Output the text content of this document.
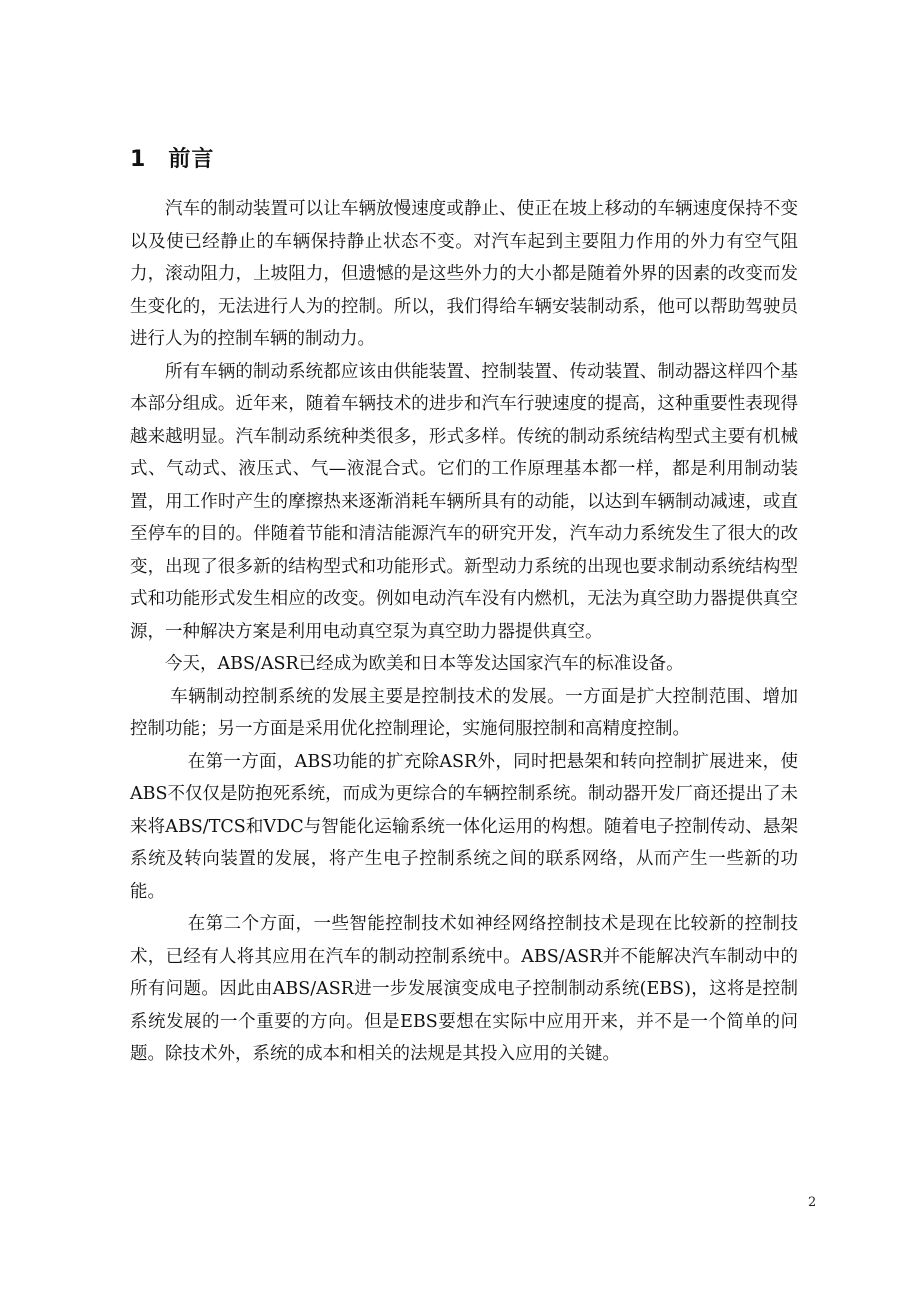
1 前言

汽车的制动装置可以让车辆放慢速度或静止、使正在坡上移动的车辆速度保持不变以及使已经静止的车辆保持静止状态不变。对汽车起到主要阻力作用的外力有空气阻力，滚动阻力，上坡阻力，但遗憾的是这些外力的大小都是随着外界的因素的改变而发生变化的，无法进行人为的控制。所以，我们得给车辆安装制动系，他可以帮助驾驶员进行人为的控制车辆的制动力。

所有车辆的制动系统都应该由供能装置、控制装置、传动装置、制动器这样四个基本部分组成。近年来，随着车辆技术的进步和汽车行驶速度的提高，这种重要性表现得越来越明显。汽车制动系统种类很多，形式多样。传统的制动系统结构型式主要有机械式、气动式、液压式、气—液混合式。它们的工作原理基本都一样，都是利用制动装置，用工作时产生的摩擦热来逐渐消耗车辆所具有的动能，以达到车辆制动减速，或直至停车的目的。伴随着节能和清洁能源汽车的研究开发，汽车动力系统发生了很大的改变，出现了很多新的结构型式和功能形式。新型动力系统的出现也要求制动系统结构型式和功能形式发生相应的改变。例如电动汽车没有内燃机，无法为真空助力器提供真空源，一种解决方案是利用电动真空泵为真空助力器提供真空。

今天，ABS/ASR已经成为欧美和日本等发达国家汽车的标准设备。

车辆制动控制系统的发展主要是控制技术的发展。一方面是扩大控制范围、增加控制功能；另一方面是采用优化控制理论，实施伺服控制和高精度控制。

在第一方面，ABS功能的扩充除ASR外，同时把悬架和转向控制扩展进来，使ABS不仅仅是防抱死系统，而成为更综合的车辆控制系统。制动器开发厂商还提出了未来将ABS/TCS和VDC与智能化运输系统一体化运用的构想。随着电子控制传动、悬架系统及转向装置的发展，将产生电子控制系统之间的联系网络，从而产生一些新的功能。

在第二个方面，一些智能控制技术如神经网络控制技术是现在比较新的控制技术，已经有人将其应用在汽车的制动控制系统中。ABS/ASR并不能解决汽车制动中的所有问题。因此由ABS/ASR进一步发展演变成电子控制制动系统(EBS)，这将是控制系统发展的一个重要的方向。但是EBS要想在实际中应用开来，并不是一个简单的问题。除技术外，系统的成本和相关的法规是其投入应用的关键。

2
